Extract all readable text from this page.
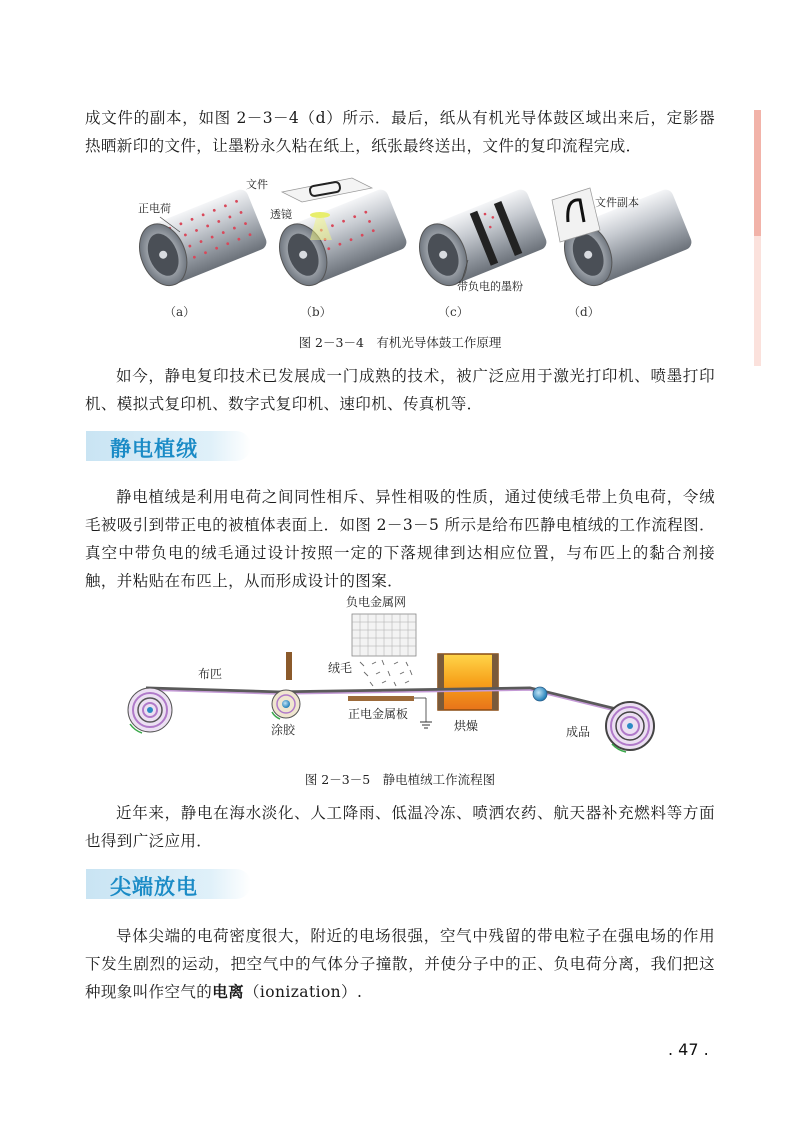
第二章　静电场的应用
成文件的副本，如图 2－3－4（d）所示．最后，纸从有机光导体鼓区域出来后，定影器热晒新印的文件，让墨粉永久粘在纸上，纸张最终送出，文件的复印流程完成．
正电荷
文件
透镜
带负电的墨粉
文件副本
（a）	（b）	（c）	（d）
图 2－3－4　有机光导体鼓工作原理
如今，静电复印技术已发展成一门成熟的技术，被广泛应用于激光打印机、喷墨打印机、模拟式复印机、数字式复印机、速印机、传真机等．
静电植绒
静电植绒是利用电荷之间同性相斥、异性相吸的性质，通过使绒毛带上负电荷，令绒毛被吸引到带正电的被植体表面上．如图 2－3－5 所示是给布匹静电植绒的工作流程图．真空中带负电的绒毛通过设计按照一定的下落规律到达相应位置，与布匹上的黏合剂接触，并粘贴在布匹上，从而形成设计的图案．
负电金属网
绒毛
正电金属板
烘燥
布匹
涂胶	成品
图 2－3－5　静电植绒工作流程图
近年来，静电在海水淡化、人工降雨、低温冷冻、喷洒农药、航天器补充燃料等方面也得到广泛应用．
尖端放电
导体尖端的电荷密度很大，附近的电场很强，空气中残留的带电粒子在强电场的作用下发生剧烈的运动，把空气中的气体分子撞散，并使分子中的正、负电荷分离，我们把这种现象叫作空气的电离（ionization）.
. 47 .
